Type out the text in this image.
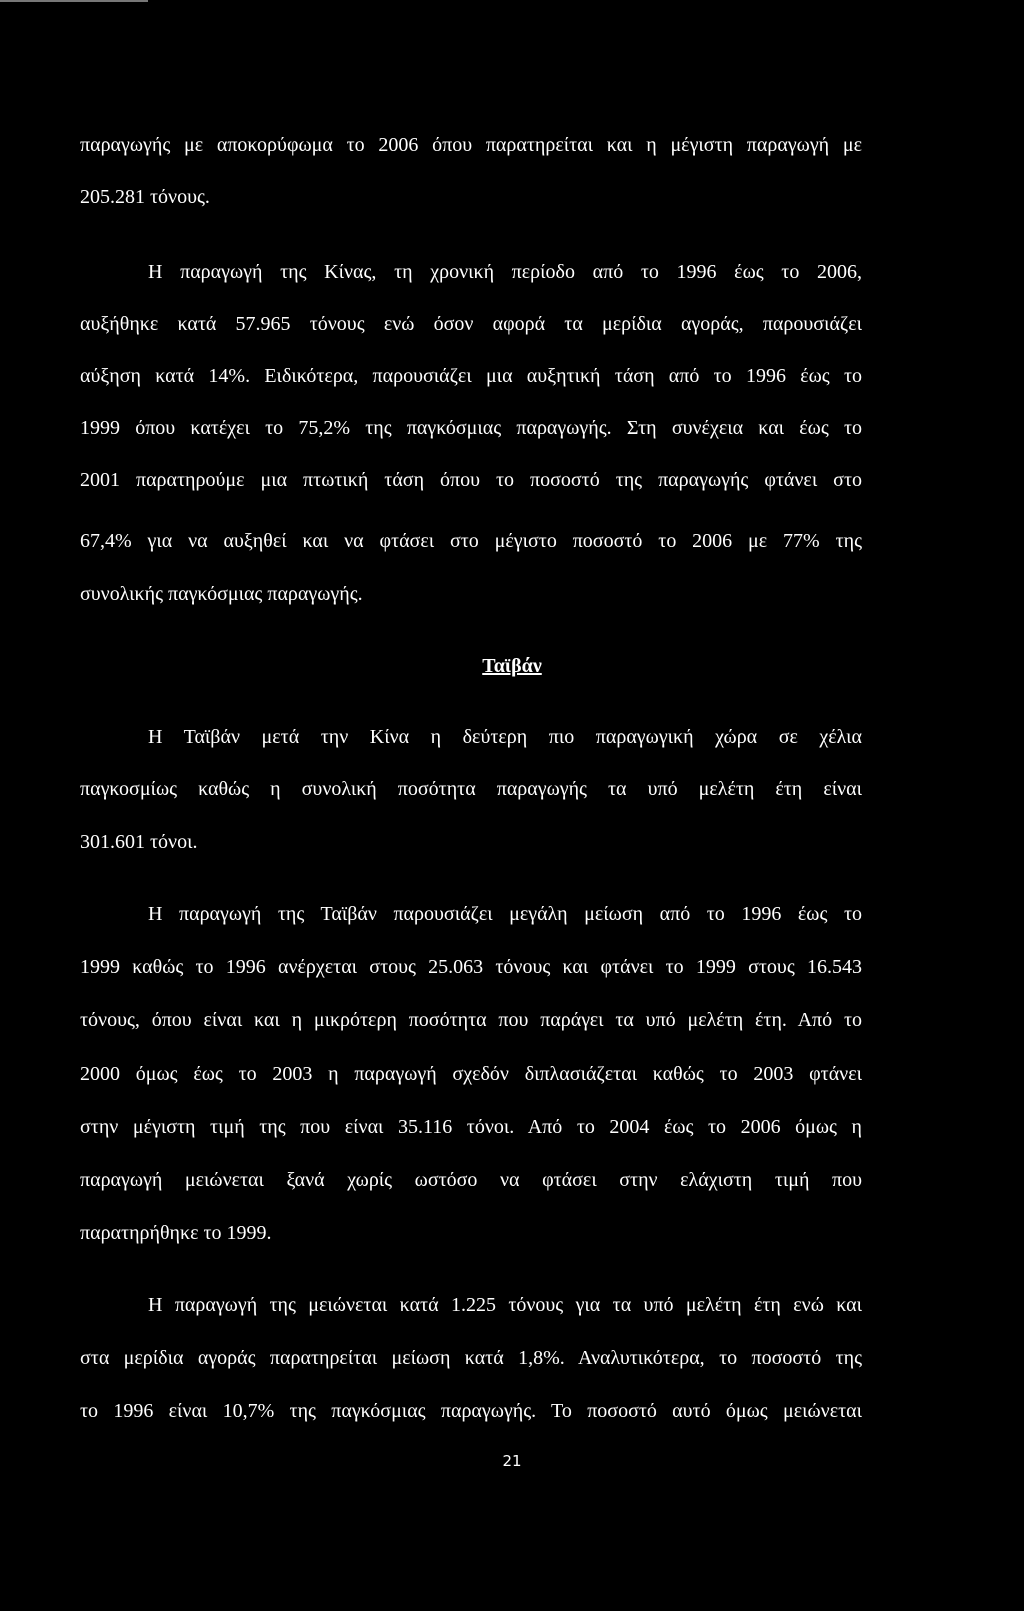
παραγωγής με αποκορύφωμα το 2006 όπου παρατηρείται και η μέγιστη παραγωγή με
205.281 τόνους.
Η παραγωγή της Κίνας, τη χρονική περίοδο από το 1996 έως το 2006,
αυξήθηκε κατά 57.965 τόνους ενώ όσον αφορά τα μερίδια αγοράς, παρουσιάζει
αύξηση κατά 14%. Ειδικότερα, παρουσιάζει μια αυξητική τάση από το 1996 έως το
1999 όπου κατέχει το 75,2% της παγκόσμιας παραγωγής. Στη συνέχεια και έως το
2001 παρατηρούμε μια πτωτική τάση όπου το ποσοστό της παραγωγής φτάνει στο
67,4% για να αυξηθεί και να φτάσει στο μέγιστο ποσοστό το 2006 με 77% της
συνολικής παγκόσμιας παραγωγής.
Ταϊβάν
Η Ταϊβάν μετά την Κίνα η δεύτερη πιο παραγωγική χώρα σε χέλια
παγκοσμίως καθώς η συνολική ποσότητα παραγωγής τα υπό μελέτη έτη είναι
301.601 τόνοι.
Η παραγωγή της Ταϊβάν παρουσιάζει μεγάλη μείωση από το 1996 έως το
1999 καθώς το 1996 ανέρχεται στους 25.063 τόνους και φτάνει το 1999 στους 16.543
τόνους, όπου είναι και η μικρότερη ποσότητα που παράγει τα υπό μελέτη έτη. Από το
2000 όμως έως το 2003 η παραγωγή σχεδόν διπλασιάζεται καθώς το 2003 φτάνει
στην μέγιστη τιμή της που είναι 35.116 τόνοι. Από το 2004 έως το 2006 όμως η
παραγωγή μειώνεται ξανά χωρίς ωστόσο να φτάσει στην ελάχιστη τιμή που
παρατηρήθηκε το 1999.
Η παραγωγή της μειώνεται κατά 1.225 τόνους για τα υπό μελέτη έτη ενώ και
στα μερίδια αγοράς παρατηρείται μείωση κατά 1,8%. Αναλυτικότερα, το ποσοστό της
το 1996 είναι 10,7% της παγκόσμιας παραγωγής. Το ποσοστό αυτό όμως μειώνεται
21
